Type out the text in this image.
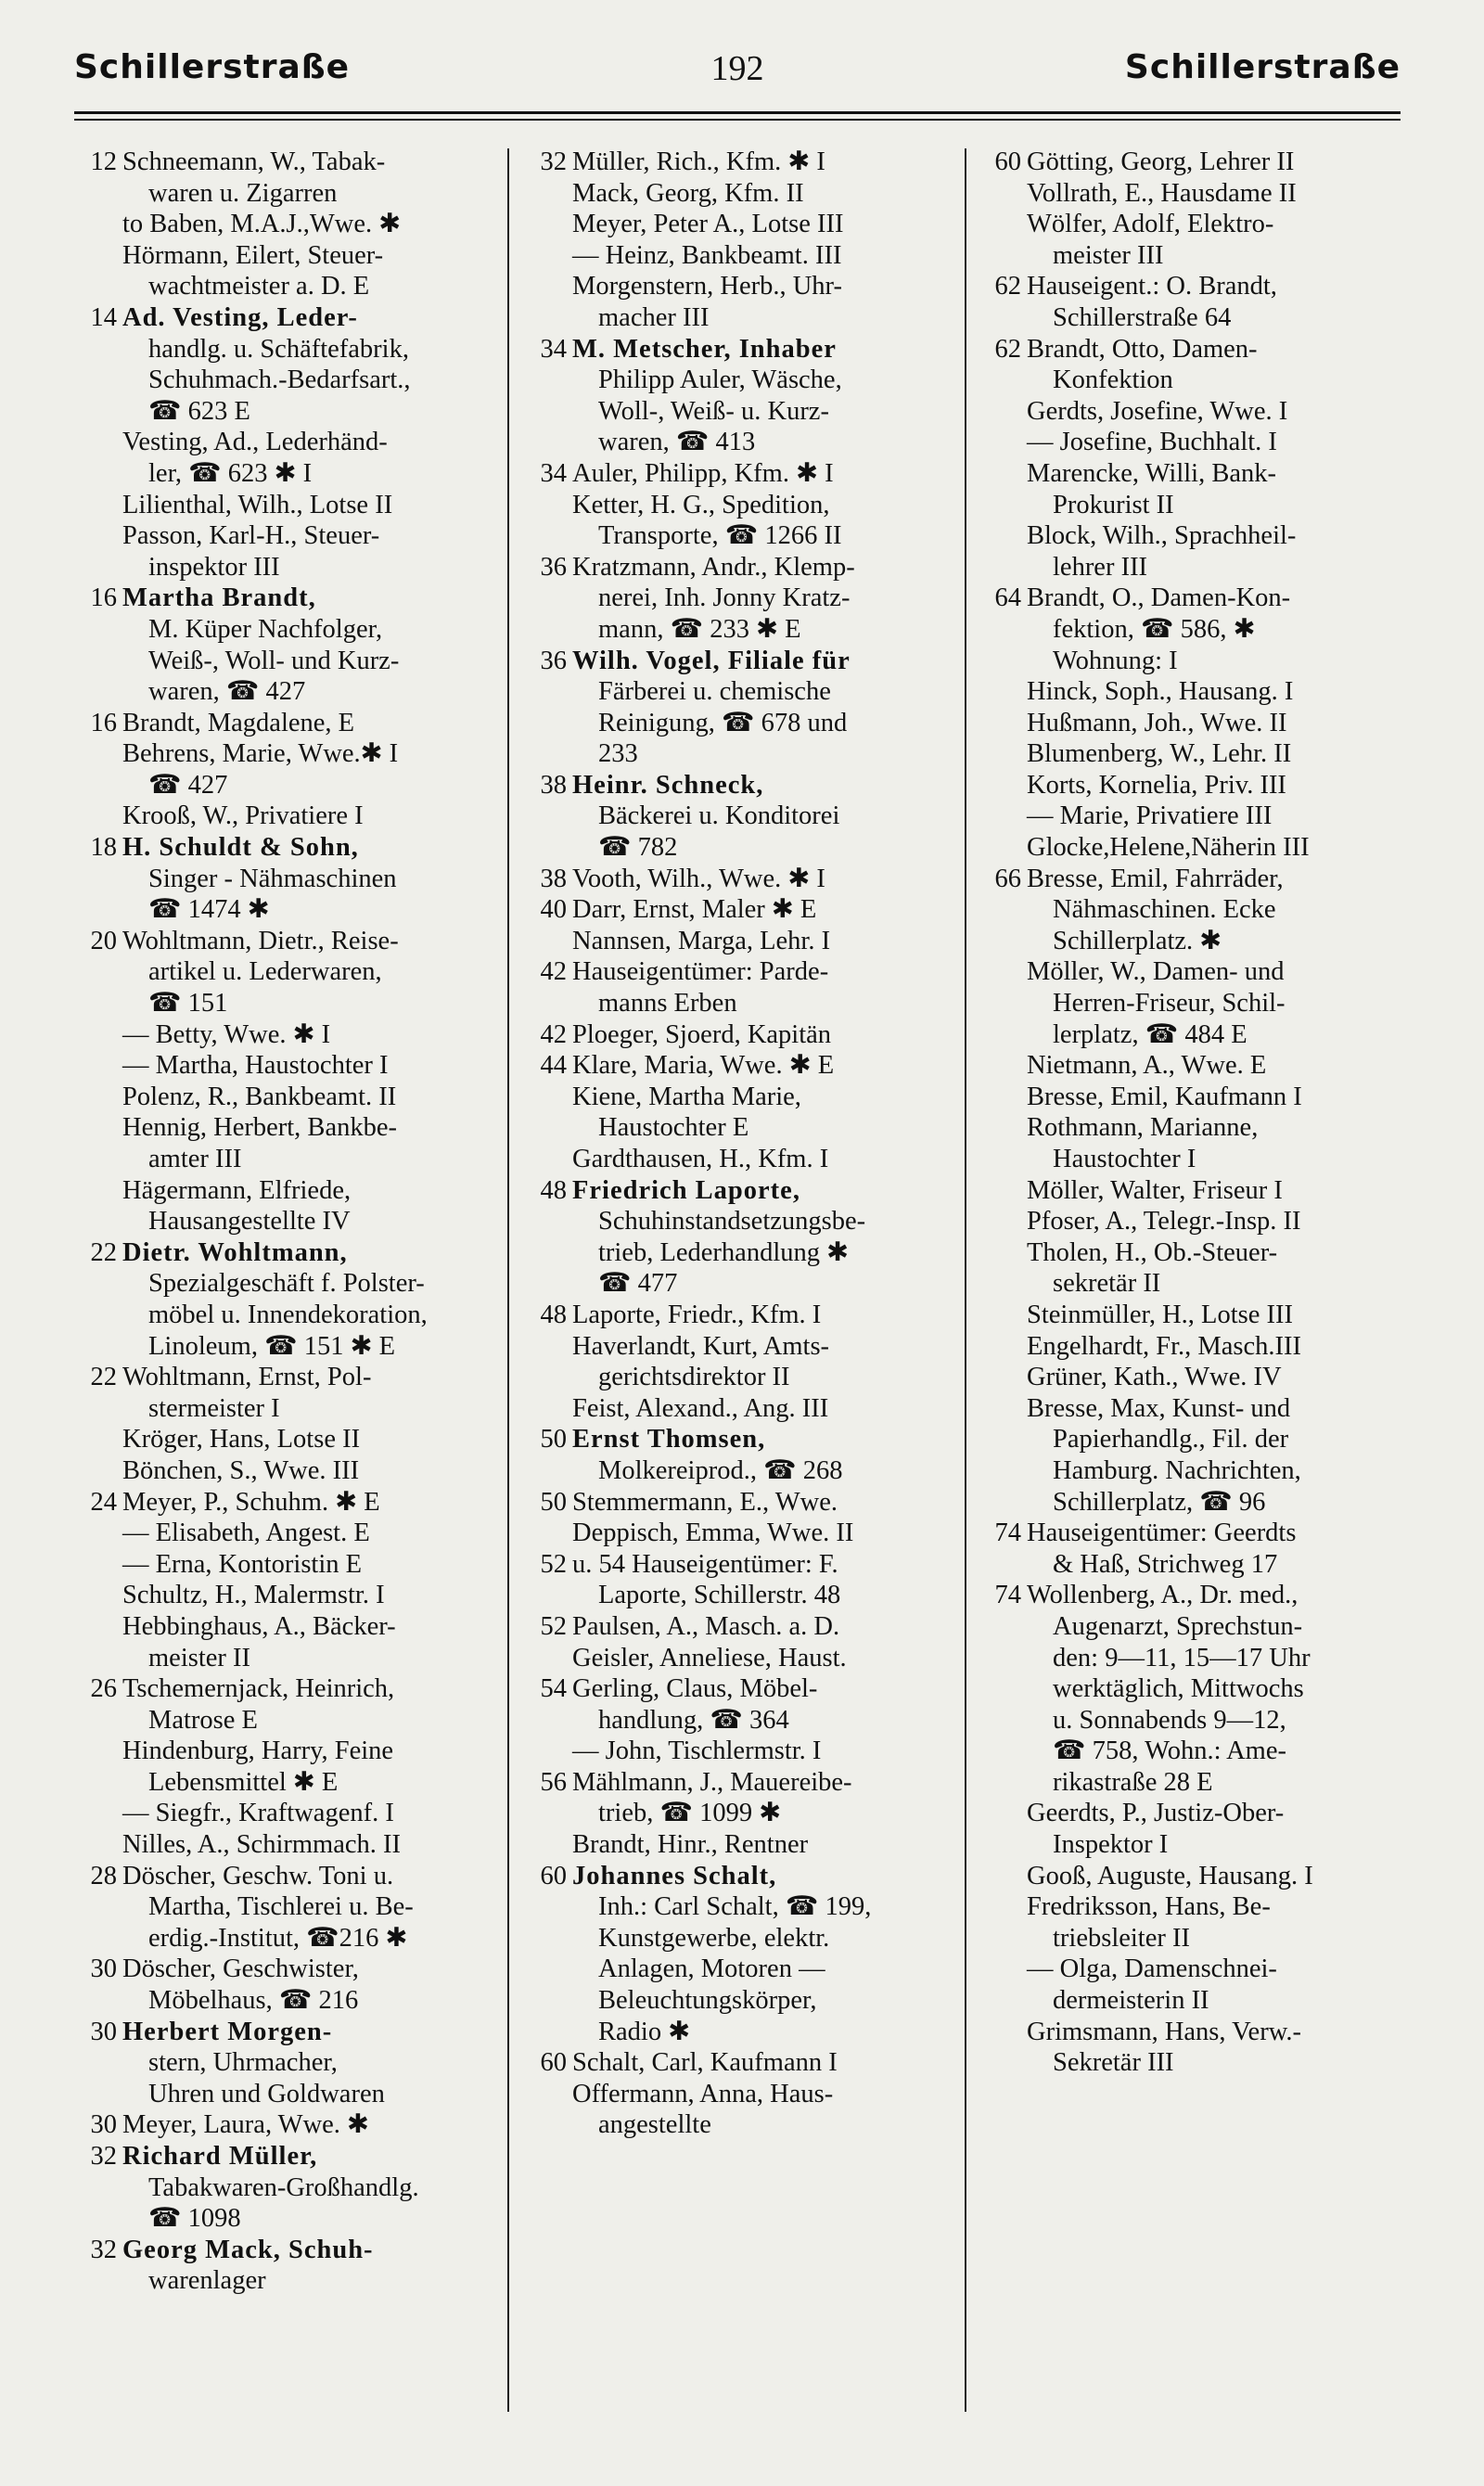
Schillerstraße	192	Schillerstraße
12 Schneemann, W., Tabak-
waren u. Zigarren
to Baben, M.A.J.,Wwe. ✱
Hörmann, Eilert, Steuer-
wachtmeister a. D. E
14 Ad. Vesting, Leder-
handlg. u. Schäftefabrik,
Schuhmach.-Bedarfsart.,
☎ 623 E
Vesting, Ad., Lederhänd-
ler, ☎ 623 ✱ I
Lilienthal, Wilh., Lotse II
Passon, Karl-H., Steuer-
inspektor III
16 Martha Brandt,
M. Küper Nachfolger,
Weiß-, Woll- und Kurz-
waren, ☎ 427
16 Brandt, Magdalene, E
Behrens, Marie, Wwe.✱ I
☎ 427
Krooß, W., Privatiere I
18 H. Schuldt & Sohn,
Singer - Nähmaschinen
☎ 1474 ✱
20 Wohltmann, Dietr., Reise-
artikel u. Lederwaren,
☎ 151
— Betty, Wwe. ✱ I
— Martha, Haustochter I
Polenz, R., Bankbeamt. II
Hennig, Herbert, Bankbe-
amter III
Hägermann, Elfriede,
Hausangestellte IV
22 Dietr. Wohltmann,
Spezialgeschäft f. Polster-
möbel u. Innendekoration,
Linoleum, ☎ 151 ✱ E
22 Wohltmann, Ernst, Pol-
stermeister I
Kröger, Hans, Lotse II
Bönchen, S., Wwe. III
24 Meyer, P., Schuhm. ✱ E
— Elisabeth, Angest. E
— Erna, Kontoristin E
Schultz, H., Malermstr. I
Hebbinghaus, A., Bäcker-
meister II
26 Tschemernjack, Heinrich,
Matrose E
Hindenburg, Harry, Feine
Lebensmittel ✱ E
— Siegfr., Kraftwagenf. I
Nilles, A., Schirmmach. II
28 Döscher, Geschw. Toni u.
Martha, Tischlerei u. Be-
erdig.-Institut, ☎216 ✱
30 Döscher, Geschwister,
Möbelhaus, ☎ 216
30 Herbert Morgen-
stern, Uhrmacher,
Uhren und Goldwaren
30 Meyer, Laura, Wwe. ✱
32 Richard Müller,
Tabakwaren-Großhandlg.
☎ 1098
32 Georg Mack, Schuh-
warenlager
32 Müller, Rich., Kfm. ✱ I
Mack, Georg, Kfm. II
Meyer, Peter A., Lotse III
— Heinz, Bankbeamt. III
Morgenstern, Herb., Uhr-
macher III
34 M. Metscher, Inhaber
Philipp Auler, Wäsche,
Woll-, Weiß- u. Kurz-
waren, ☎ 413
34 Auler, Philipp, Kfm. ✱ I
Ketter, H. G., Spedition,
Transporte, ☎ 1266 II
36 Kratzmann, Andr., Klemp-
nerei, Inh. Jonny Kratz-
mann, ☎ 233 ✱ E
36 Wilh. Vogel, Filiale für
Färberei u. chemische
Reinigung, ☎ 678 und
233
38 Heinr. Schneck,
Bäckerei u. Konditorei
☎ 782
38 Vooth, Wilh., Wwe. ✱ I
40 Darr, Ernst, Maler ✱ E
Nannsen, Marga, Lehr. I
42 Hauseigentümer: Parde-
manns Erben
42 Ploeger, Sjoerd, Kapitän
44 Klare, Maria, Wwe. ✱ E
Kiene, Martha Marie,
Haustochter E
Gardthausen, H., Kfm. I
48 Friedrich Laporte,
Schuhinstandsetzungsbe-
trieb, Lederhandlung ✱
☎ 477
48 Laporte, Friedr., Kfm. I
Haverlandt, Kurt, Amts-
gerichtsdirektor II
Feist, Alexand., Ang. III
50 Ernst Thomsen,
Molkereiprod., ☎ 268
50 Stemmermann, E., Wwe.
Deppisch, Emma, Wwe. II
52 u. 54 Hauseigentümer: F.
Laporte, Schillerstr. 48
52 Paulsen, A., Masch. a. D.
Geisler, Anneliese, Haust.
54 Gerling, Claus, Möbel-
handlung, ☎ 364
— John, Tischlermstr. I
56 Mählmann, J., Mauereibe-
trieb, ☎ 1099 ✱
Brandt, Hinr., Rentner
60 Johannes Schalt,
Inh.: Carl Schalt, ☎ 199,
Kunstgewerbe, elektr.
Anlagen, Motoren —
Beleuchtungskörper,
Radio ✱
60 Schalt, Carl, Kaufmann I
Offermann, Anna, Haus-
angestellte
60 Götting, Georg, Lehrer II
Vollrath, E., Hausdame II
Wölfer, Adolf, Elektro-
meister III
62 Hauseigent.: O. Brandt,
Schillerstraße 64
62 Brandt, Otto, Damen-
Konfektion
Gerdts, Josefine, Wwe. I
— Josefine, Buchhalt. I
Marencke, Willi, Bank-
Prokurist II
Block, Wilh., Sprachheil-
lehrer III
64 Brandt, O., Damen-Kon-
fektion, ☎ 586, ✱
Wohnung: I
Hinck, Soph., Hausang. I
Hußmann, Joh., Wwe. II
Blumenberg, W., Lehr. II
Korts, Kornelia, Priv. III
— Marie, Privatiere III
Glocke,Helene,Näherin III
66 Bresse, Emil, Fahrräder,
Nähmaschinen. Ecke
Schillerplatz. ✱
Möller, W., Damen- und
Herren-Friseur, Schil-
lerplatz, ☎ 484 E
Nietmann, A., Wwe. E
Bresse, Emil, Kaufmann I
Rothmann, Marianne,
Haustochter I
Möller, Walter, Friseur I
Pfoser, A., Telegr.-Insp. II
Tholen, H., Ob.-Steuer-
sekretär II
Steinmüller, H., Lotse III
Engelhardt, Fr., Masch.III
Grüner, Kath., Wwe. IV
Bresse, Max, Kunst- und
Papierhandlg., Fil. der
Hamburg. Nachrichten,
Schillerplatz, ☎ 96
74 Hauseigentümer: Geerdts
& Haß, Strichweg 17
74 Wollenberg, A., Dr. med.,
Augenarzt, Sprechstun-
den: 9—11, 15—17 Uhr
werktäglich, Mittwochs
u. Sonnabends 9—12,
☎ 758, Wohn.: Ame-
rikastraße 28 E
Geerdts, P., Justiz-Ober-
Inspektor I
Gooß, Auguste, Hausang. I
Fredriksson, Hans, Be-
triebsleiter II
— Olga, Damenschnei-
dermeisterin II
Grimsmann, Hans, Verw.-
Sekretär III
